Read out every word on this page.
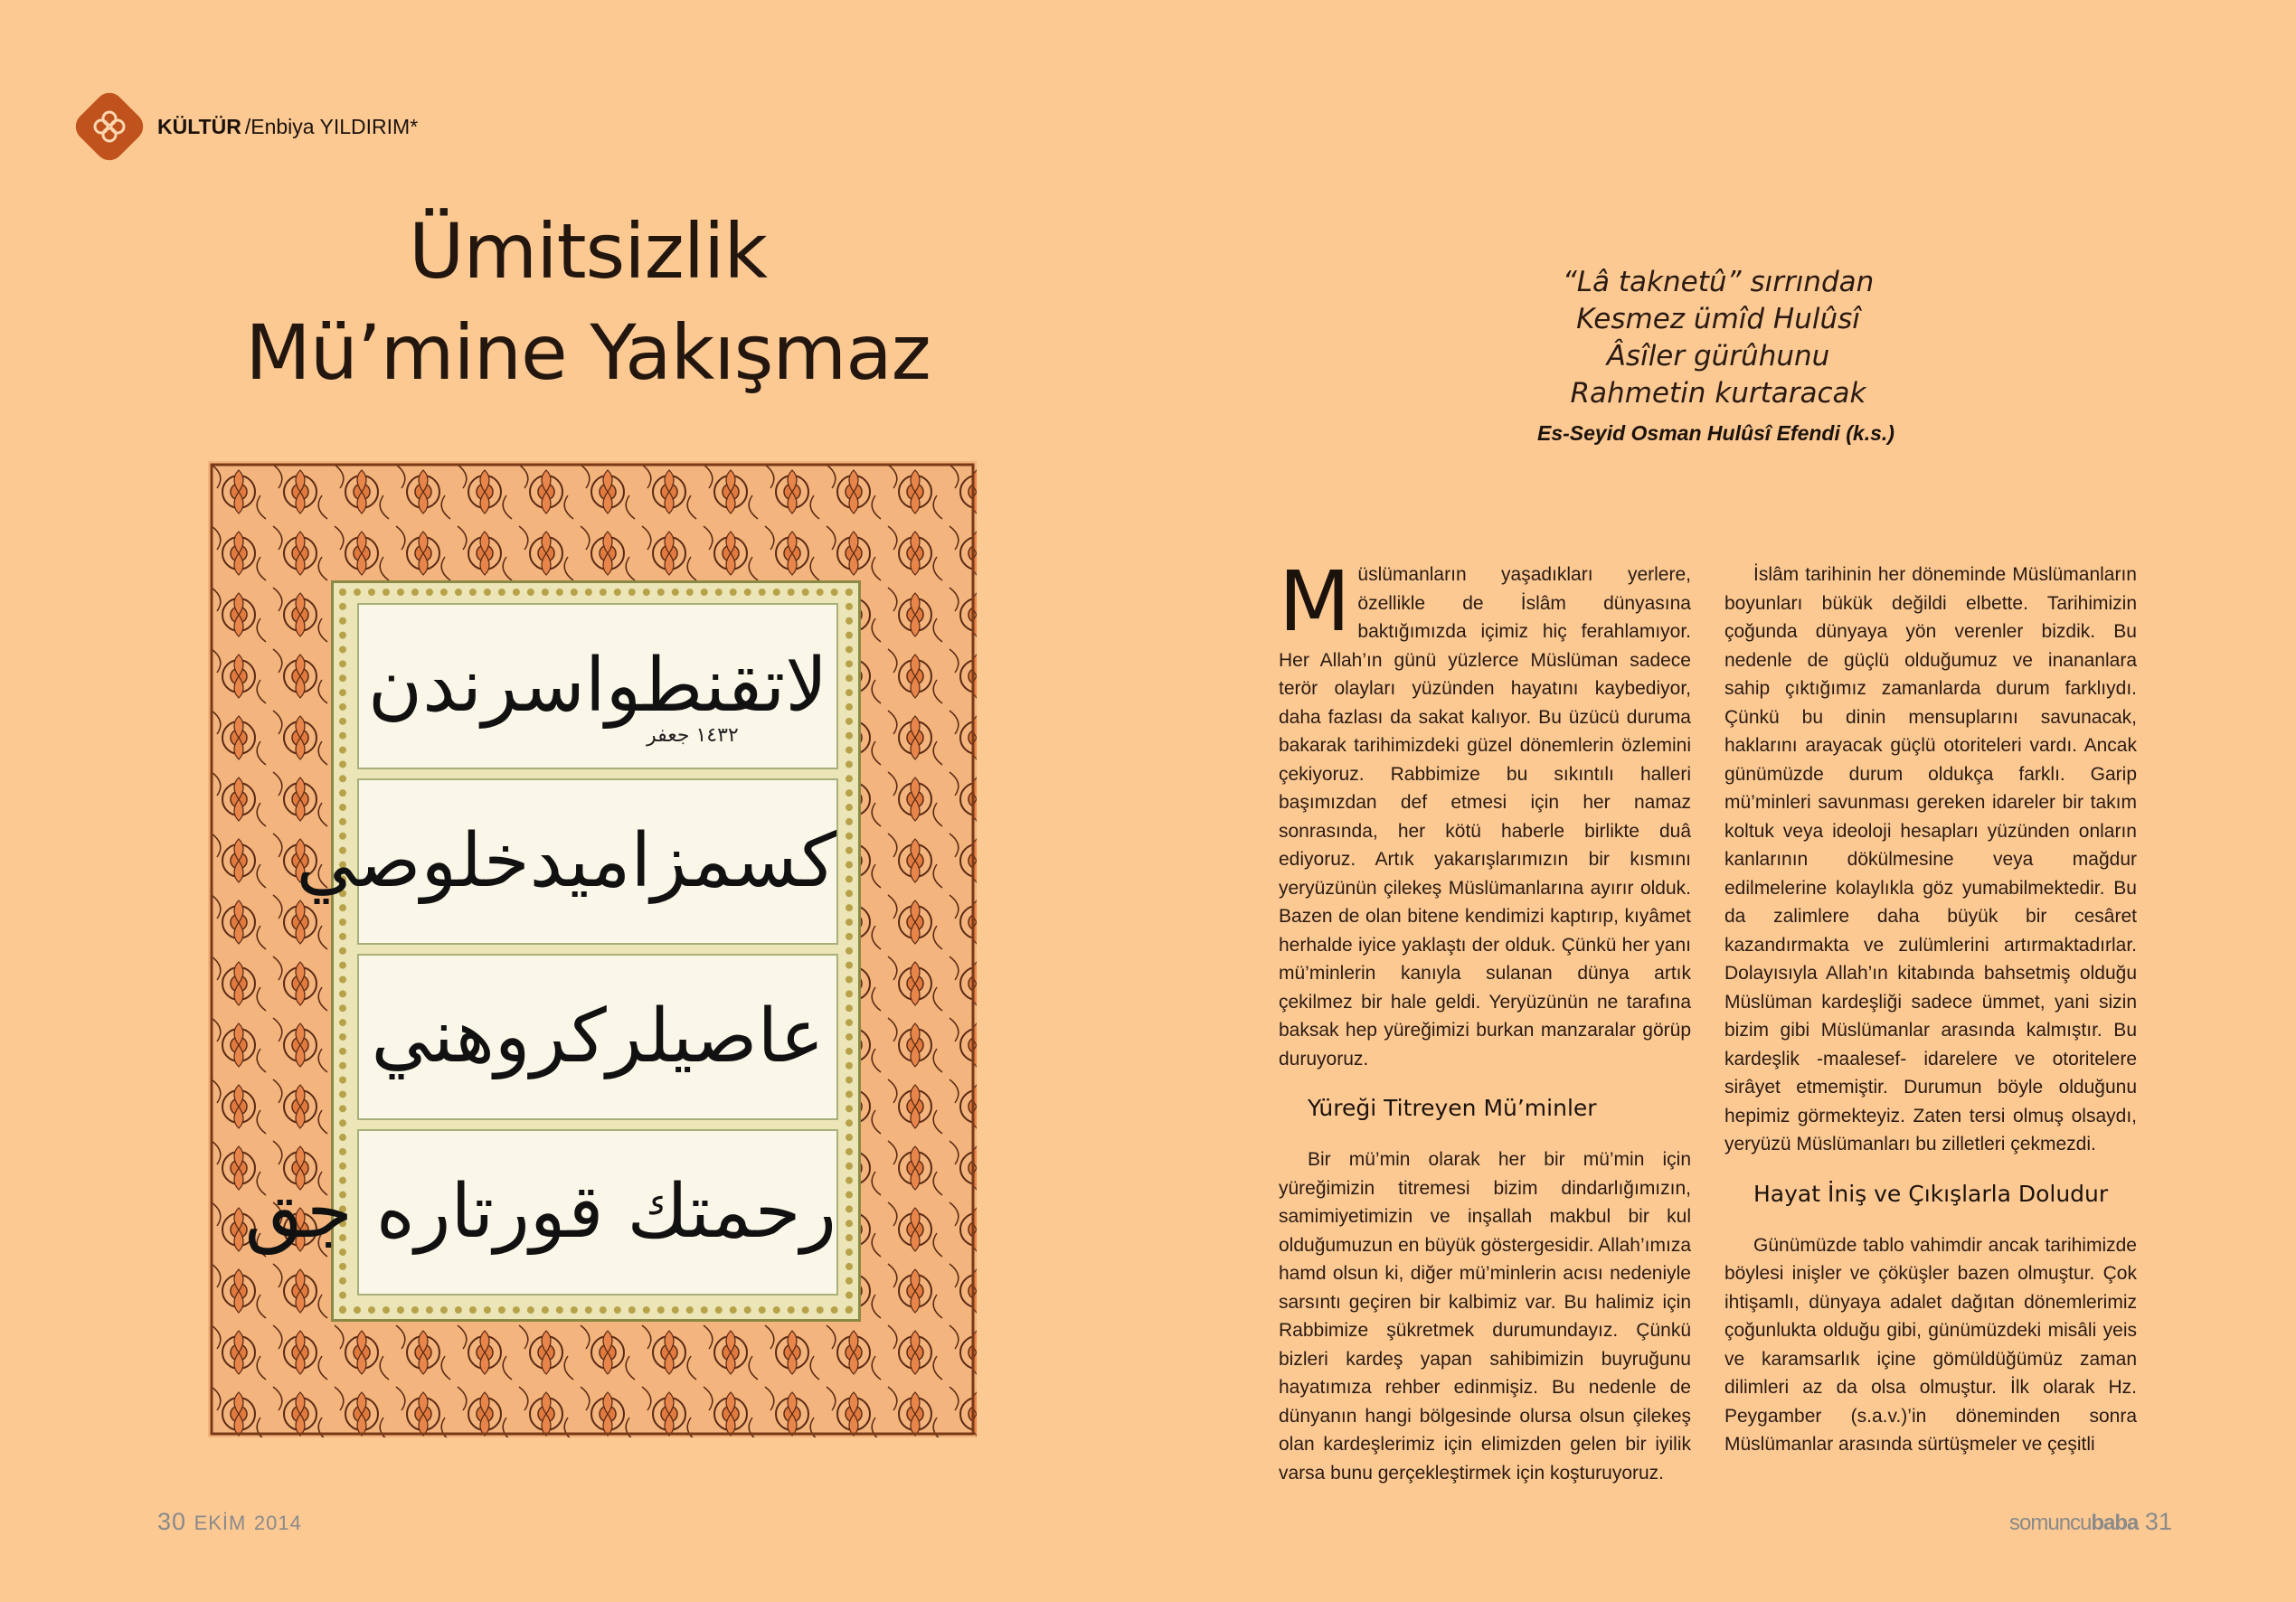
KÜLTÜR /Enbiya YILDIRIM*
Ümitsizlik
Mü’mine Yakışmaz
“Lâ taknetû” sırrından
Kesmez ümîd Hulûsî
Âsîler gürûhunu
Rahmetin kurtaracak
Es-Seyid Osman Hulûsî Efendi (k.s.)
لاتقنطواسرندن
١٤٣٢ جعفر
كسمزاميدخلوصي
عاصيلركروهني
رحمتك قورتاره جق

Müslümanların yaşadıkları yerlere, özellikle de İslâm dünyasına baktığımızda içimiz hiç ferahlamıyor. Her Allah’ın günü yüzlerce Müslüman sadece terör olayları yüzünden hayatını kaybediyor, daha fazlası da sakat kalıyor. Bu üzücü duruma bakarak tarihimizdeki güzel dönemlerin özlemini çekiyoruz. Rabbimize bu sıkıntılı halleri başımızdan def etmesi için her namaz sonrasında, her kötü haberle birlikte duâ ediyoruz. Artık yakarışlarımızın bir kısmını yeryüzünün çilekeş Müslümanlarına ayırır olduk. Bazen de olan bitene kendimizi kaptırıp, kıyâmet herhalde iyice yaklaştı der olduk. Çünkü her yanı mü’minlerin kanıyla sulanan dünya artık çekilmez bir hale geldi. Yeryüzünün ne tarafına baksak hep yüreğimizi burkan manzaralar görüp duruyoruz.

Yüreği Titreyen Mü’minler

Bir mü’min olarak her bir mü’min için yüreğimizin titremesi bizim dindarlığımızın, samimiyetimizin ve inşallah makbul bir kul olduğumuzun en büyük göstergesidir. Allah’ımıza hamd olsun ki, diğer mü’minlerin acısı nedeniyle sarsıntı geçiren bir kalbimiz var. Bu halimiz için Rabbimize şükretmek durumundayız. Çünkü bizleri kardeş yapan sahibimizin buyruğunu hayatımıza rehber edinmişiz. Bu nedenle de dünyanın hangi bölgesinde olursa olsun çilekeş olan kardeşlerimiz için elimizden gelen bir iyilik varsa bunu gerçekleştirmek için koşturuyoruz.

İslâm tarihinin her döneminde Müslümanların boyunları bükük değildi elbette. Tarihimizin çoğunda dünyaya yön verenler bizdik. Bu nedenle de güçlü olduğumuz ve inananlara sahip çıktığımız zamanlarda durum farklıydı. Çünkü bu dinin mensuplarını savunacak, haklarını arayacak güçlü otoriteleri vardı. Ancak günümüzde durum oldukça farklı. Garip mü’minleri savunması gereken idareler bir takım koltuk veya ideoloji hesapları yüzünden onların kanlarının dökülmesine veya mağdur edilmelerine kolaylıkla göz yumabilmektedir. Bu da zalimlere daha büyük bir cesâret kazandırmakta ve zulümlerini artırmaktadırlar. Dolayısıyla Allah’ın kitabında bahsetmiş olduğu Müslüman kardeşliği sadece ümmet, yani sizin bizim gibi Müslümanlar arasında kalmıştır. Bu kardeşlik -maalesef- idarelere ve otoritelere sirâyet etmemiştir. Durumun böyle olduğunu hepimiz görmekteyiz. Zaten tersi olmuş olsaydı, yeryüzü Müslümanları bu zilletleri çekmezdi.

Hayat İniş ve Çıkışlarla Doludur

Günümüzde tablo vahimdir ancak tarihimizde böylesi inişler ve çöküşler bazen olmuştur. Çok ihtişamlı, dünyaya adalet dağıtan dönemlerimiz çoğunlukta olduğu gibi, günümüzdeki misâli yeis ve karamsarlık içine gömüldüğümüz zaman dilimleri az da olsa olmuştur. İlk olarak Hz. Peygamber (s.a.v.)’in döneminden sonra Müslümanlar arasında sürtüşmeler ve çeşitli

30 EKİM 2014	somuncubaba 31
